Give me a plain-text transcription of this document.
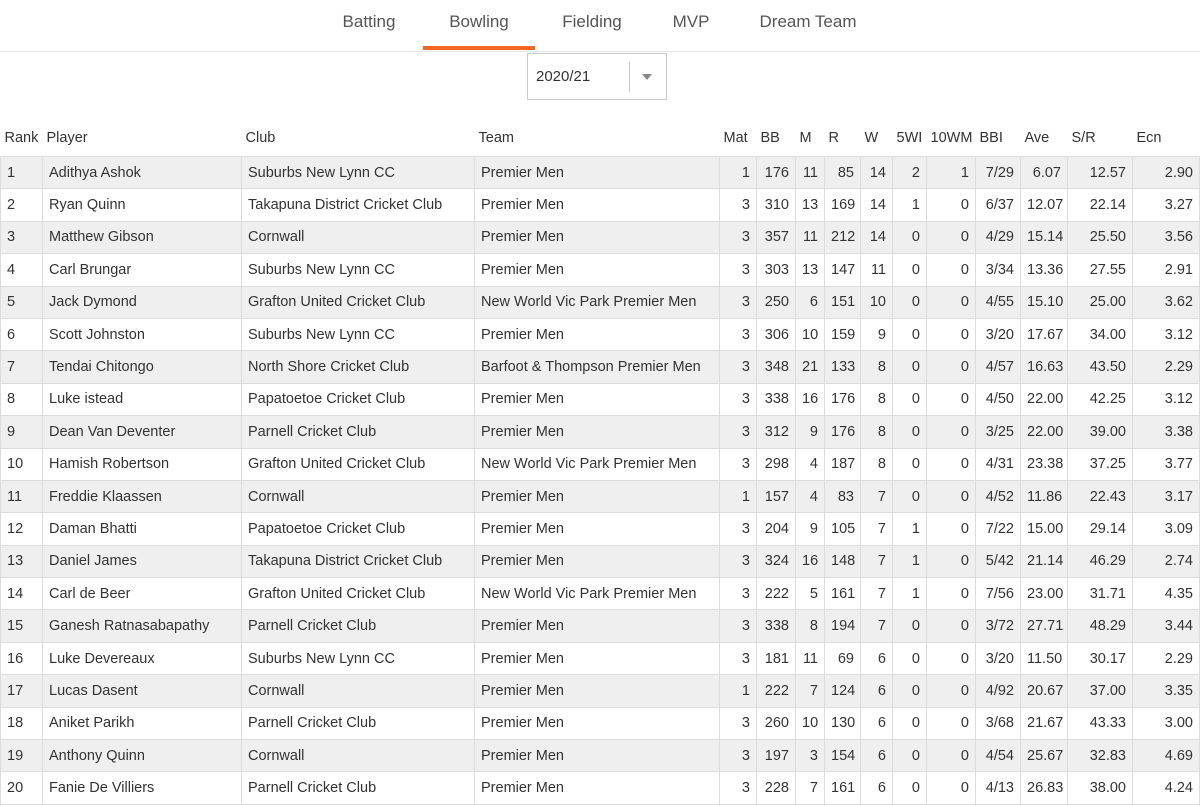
Batting	Bowling	Fielding	MVP	Dream Team
2020/21
Rank	Player	Club	Team	Mat	BB	M	R	W	5WI	10WM	BBI	Ave	S/R	Ecn
1	Adithya Ashok	Suburbs New Lynn CC	Premier Men	1	176	11	85	14	2	1	7/29	6.07	12.57	2.90
2	Ryan Quinn	Takapuna District Cricket Club	Premier Men	3	310	13	169	14	1	0	6/37	12.07	22.14	3.27
3	Matthew Gibson	Cornwall	Premier Men	3	357	11	212	14	0	0	4/29	15.14	25.50	3.56
4	Carl Brungar	Suburbs New Lynn CC	Premier Men	3	303	13	147	11	0	0	3/34	13.36	27.55	2.91
5	Jack Dymond	Grafton United Cricket Club	New World Vic Park Premier Men	3	250	6	151	10	0	0	4/55	15.10	25.00	3.62
6	Scott Johnston	Suburbs New Lynn CC	Premier Men	3	306	10	159	9	0	0	3/20	17.67	34.00	3.12
7	Tendai Chitongo	North Shore Cricket Club	Barfoot & Thompson Premier Men	3	348	21	133	8	0	0	4/57	16.63	43.50	2.29
8	Luke istead	Papatoetoe Cricket Club	Premier Men	3	338	16	176	8	0	0	4/50	22.00	42.25	3.12
9	Dean Van Deventer	Parnell Cricket Club	Premier Men	3	312	9	176	8	0	0	3/25	22.00	39.00	3.38
10	Hamish Robertson	Grafton United Cricket Club	New World Vic Park Premier Men	3	298	4	187	8	0	0	4/31	23.38	37.25	3.77
11	Freddie Klaassen	Cornwall	Premier Men	1	157	4	83	7	0	0	4/52	11.86	22.43	3.17
12	Daman Bhatti	Papatoetoe Cricket Club	Premier Men	3	204	9	105	7	1	0	7/22	15.00	29.14	3.09
13	Daniel James	Takapuna District Cricket Club	Premier Men	3	324	16	148	7	1	0	5/42	21.14	46.29	2.74
14	Carl de Beer	Grafton United Cricket Club	New World Vic Park Premier Men	3	222	5	161	7	1	0	7/56	23.00	31.71	4.35
15	Ganesh Ratnasabapathy	Parnell Cricket Club	Premier Men	3	338	8	194	7	0	0	3/72	27.71	48.29	3.44
16	Luke Devereaux	Suburbs New Lynn CC	Premier Men	3	181	11	69	6	0	0	3/20	11.50	30.17	2.29
17	Lucas Dasent	Cornwall	Premier Men	1	222	7	124	6	0	0	4/92	20.67	37.00	3.35
18	Aniket Parikh	Parnell Cricket Club	Premier Men	3	260	10	130	6	0	0	3/68	21.67	43.33	3.00
19	Anthony Quinn	Cornwall	Premier Men	3	197	3	154	6	0	0	4/54	25.67	32.83	4.69
20	Fanie De Villiers	Parnell Cricket Club	Premier Men	3	228	7	161	6	0	0	4/13	26.83	38.00	4.24
